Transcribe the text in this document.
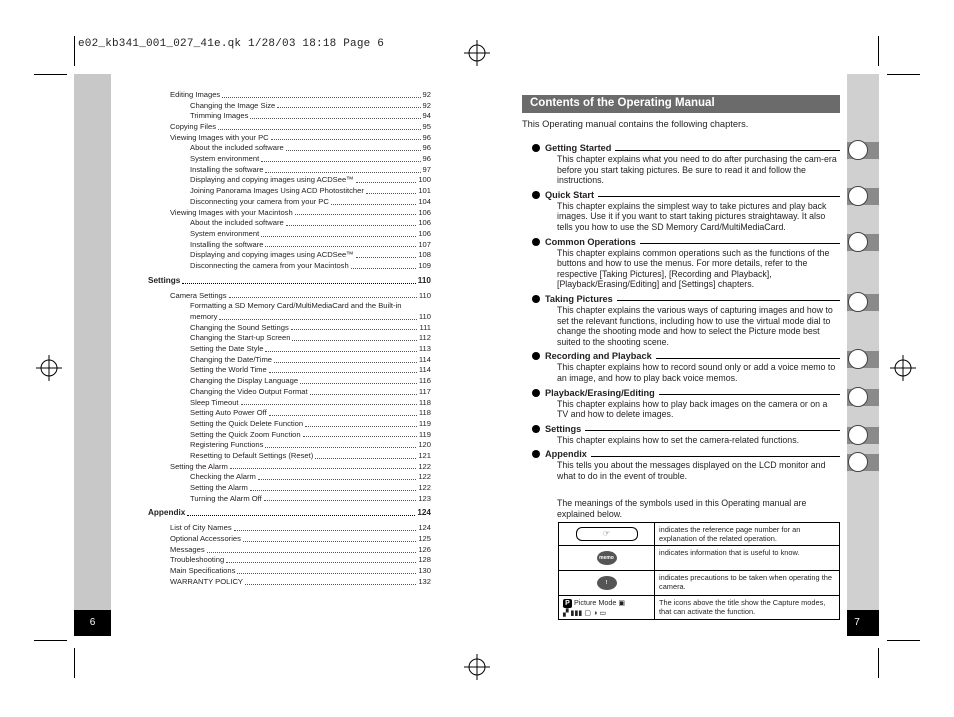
e02_kb341_001_027_41e.qk 1/28/03 18:18 Page 6
6	7
Editing Images	92
Changing the Image Size	92
Trimming Images	94
Copying Files	95
Viewing Images with your PC	96
About the included software	96
System environment	96
Installing the software	97
Displaying and copying images using ACDSee™	100
Joining Panorama Images Using ACD Photostitcher	101
Disconnecting your camera from your PC	104
Viewing Images with your Macintosh	106
About the included software	106
System environment	106
Installing the software	107
Displaying and copying images using ACDSee™	108
Disconnecting the camera from your Macintosh	109
Settings	110
Camera Settings	110
Formatting a SD Memory Card/MultiMediaCard and the Built-in
memory	110
Changing the Sound Settings	111
Changing the Start-up Screen	112
Setting the Date Style	113
Changing the Date/Time	114
Setting the World Time	114
Changing the Display Language	116
Changing the Video Output Format	117
Sleep Timeout	118
Setting Auto Power Off	118
Setting the Quick Delete Function	119
Setting the Quick Zoom Function	119
Registering Functions	120
Resetting to Default Settings (Reset)	121
Setting the Alarm	122
Checking the Alarm	122
Setting the Alarm	122
Turning the Alarm Off	123
Appendix	124
List of City Names	124
Optional Accessories	125
Messages	126
Troubleshooting	128
Main Specifications	130
WARRANTY POLICY	132
Contents of the Operating Manual
This Operating manual contains the following chapters.
Getting Started
This chapter explains what you need to do after purchasing the cam-era before you start taking pictures. Be sure to read it and follow the instructions.
Quick Start
This chapter explains the simplest way to take pictures and play back images. Use it if you want to start taking pictures straightaway. It also tells you how to use the SD Memory Card/MultiMediaCard.
Common Operations
This chapter explains common operations such as the functions of the buttons and how to use the menus. For more details, refer to the respective [Taking Pictures], [Recording and Playback], [Playback/Erasing/Editing] and [Settings] chapters.
Taking Pictures
This chapter explains the various ways of capturing images and how to set the relevant functions, including how to use the virtual mode dial to change the shooting mode and how to select the Picture mode best suited to the shooting scene.
Recording and Playback
This chapter explains how to record sound only or add a voice memo to an image, and how to play back voice memos.
Playback/Erasing/Editing
This chapter explains how to play back images on the camera or on a TV and how to delete images.
Settings
This chapter explains how to set the camera-related functions.
Appendix
This tells you about the messages displayed on the LCD monitor and what to do in the event of trouble.
The meanings of the symbols used in this Operating manual are explained below.
☞	indicates the reference page number for an explanation of the related operation.
memo	indicates information that is useful to know.
!	indicates precautions to be taken when operating the camera.
P Picture Mode ▣
▞ ▮▮▮ ▢ ◑ ▭	The icons above the title show the Capture modes, that can activate the function.
